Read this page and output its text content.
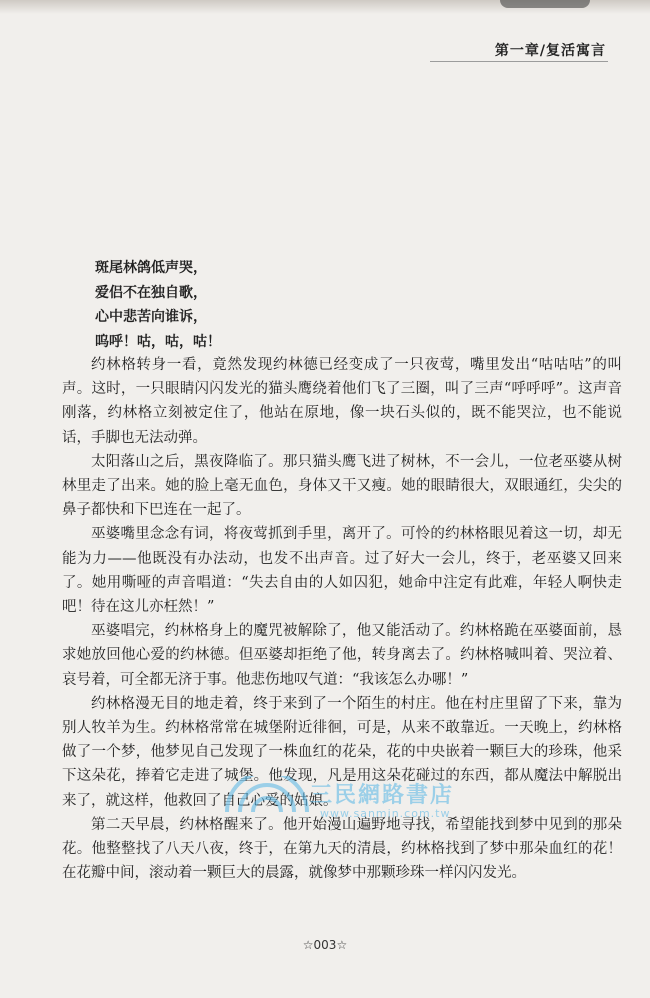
第一章/复活寓言
斑尾林鸽低声哭，
爱侣不在独自歌，
心中悲苦向谁诉，
呜呼！咕，咕，咕！

约林格转身一看，竟然发现约林德已经变成了一只夜莺，嘴里发出“咕咕咕”的叫声。这时，一只眼睛闪闪发光的猫头鹰绕着他们飞了三圈，叫了三声“呼呼呼”。这声音刚落，约林格立刻被定住了，他站在原地，像一块石头似的，既不能哭泣，也不能说话，手脚也无法动弹。

太阳落山之后，黑夜降临了。那只猫头鹰飞进了树林，不一会儿，一位老巫婆从树林里走了出来。她的脸上毫无血色，身体又干又瘦。她的眼睛很大，双眼通红，尖尖的鼻子都快和下巴连在一起了。

巫婆嘴里念念有词，将夜莺抓到手里，离开了。可怜的约林格眼见着这一切，却无能为力——他既没有办法动，也发不出声音。过了好大一会儿，终于，老巫婆又回来了。她用嘶哑的声音唱道：“失去自由的人如囚犯，她命中注定有此难，年轻人啊快走吧！待在这儿亦枉然！”

巫婆唱完，约林格身上的魔咒被解除了，他又能活动了。约林格跪在巫婆面前，恳求她放回他心爱的约林德。但巫婆却拒绝了他，转身离去了。约林格喊叫着、哭泣着、哀号着，可全都无济于事。他悲伤地叹气道：“我该怎么办哪！”

约林格漫无目的地走着，终于来到了一个陌生的村庄。他在村庄里留了下来，靠为别人牧羊为生。约林格常常在城堡附近徘徊，可是，从来不敢靠近。一天晚上，约林格做了一个梦，他梦见自己发现了一株血红的花朵，花的中央嵌着一颗巨大的珍珠，他采下这朵花，捧着它走进了城堡。他发现，凡是用这朵花碰过的东西，都从魔法中解脱出来了，就这样，他救回了自己心爱的姑娘。

第二天早晨，约林格醒来了。他开始漫山遍野地寻找，希望能找到梦中见到的那朵花。他整整找了八天八夜，终于，在第九天的清晨，约林格找到了梦中那朵血红的花！在花瓣中间，滚动着一颗巨大的晨露，就像梦中那颗珍珠一样闪闪发光。

三民網路書店
www.sanmin.com.tw
☆003☆
